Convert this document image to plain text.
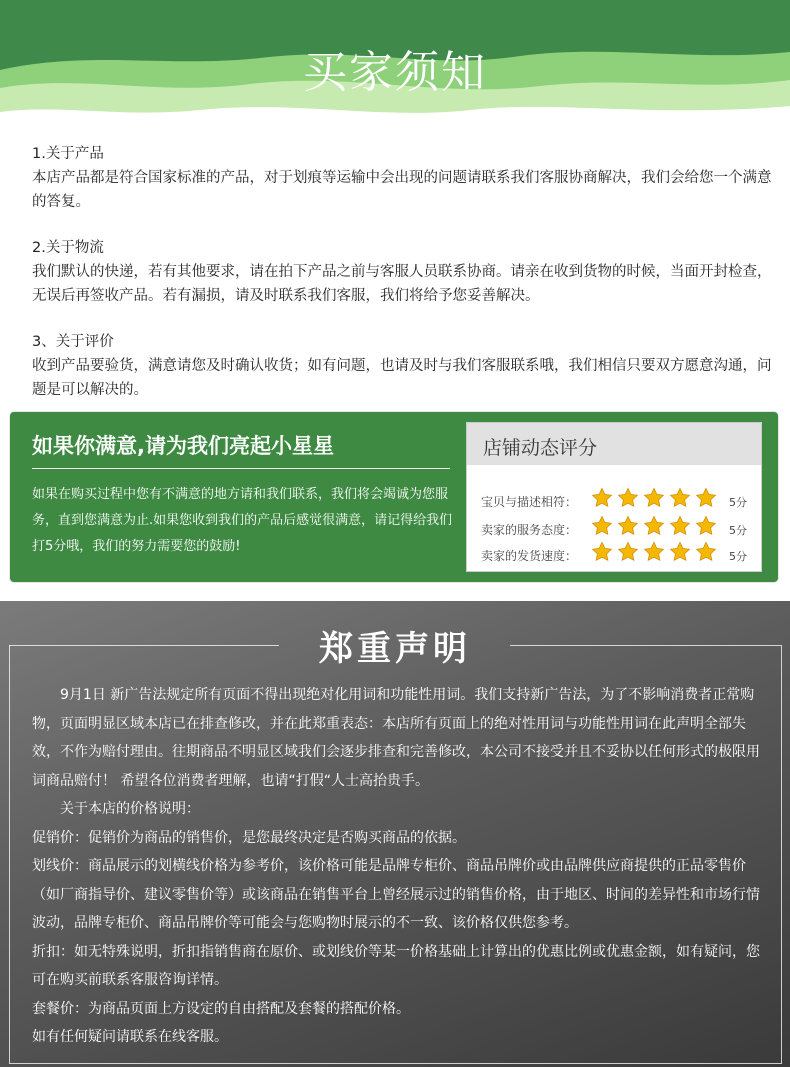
买家须知
1.关于产品
本店产品都是符合国家标准的产品，对于划痕等运输中会出现的问题请联系我们客服协商解决，我们会给您一个满意的答复。
2.关于物流
我们默认的快递，若有其他要求，请在拍下产品之前与客服人员联系协商。请亲在收到货物的时候，当面开封检查，无误后再签收产品。若有漏损，请及时联系我们客服，我们将给予您妥善解决。
3、关于评价
收到产品要验货，满意请您及时确认收货；如有问题，也请及时与我们客服联系哦，我们相信只要双方愿意沟通，问题是可以解决的。
如果你满意,请为我们亮起小星星
如果在购买过程中您有不满意的地方请和我们联系，我们将会竭诚为您服务，直到您满意为止.如果您收到我们的产品后感觉很满意，请记得给我们打5分哦，我们的努力需要您的鼓励!
店铺动态评分
宝贝与描述相符：	5分
卖家的服务态度：	5分
卖家的发货速度：	5分
郑重声明

9月1日 新广告法规定所有页面不得出现绝对化用词和功能性用词。我们支持新广告法，为了不影响消费者正常购物，页面明显区域本店已在排查修改，并在此郑重表态：本店所有页面上的绝对性用词与功能性用词在此声明全部失效，不作为赔付理由。往期商品不明显区域我们会逐步排查和完善修改，本公司不接受并且不妥协以任何形式的极限用词商品赔付！ 希望各位消费者理解，也请“打假“人士高抬贵手。

关于本店的价格说明：

促销价：促销价为商品的销售价，是您最终决定是否购买商品的依据。

划线价：商品展示的划横线价格为参考价，该价格可能是品牌专柜价、商品吊牌价或由品牌供应商提供的正品零售价（如厂商指导价、建议零售价等）或该商品在销售平台上曾经展示过的销售价格，由于地区、时间的差异性和市场行情波动，品牌专柜价、商品吊牌价等可能会与您购物时展示的不一致、该价格仅供您参考。

折扣：如无特殊说明，折扣指销售商在原价、或划线价等某一价格基础上计算出的优惠比例或优惠金额，如有疑问，您可在购买前联系客服咨询详情。

套餐价：为商品页面上方设定的自由搭配及套餐的搭配价格。

如有任何疑问请联系在线客服。
